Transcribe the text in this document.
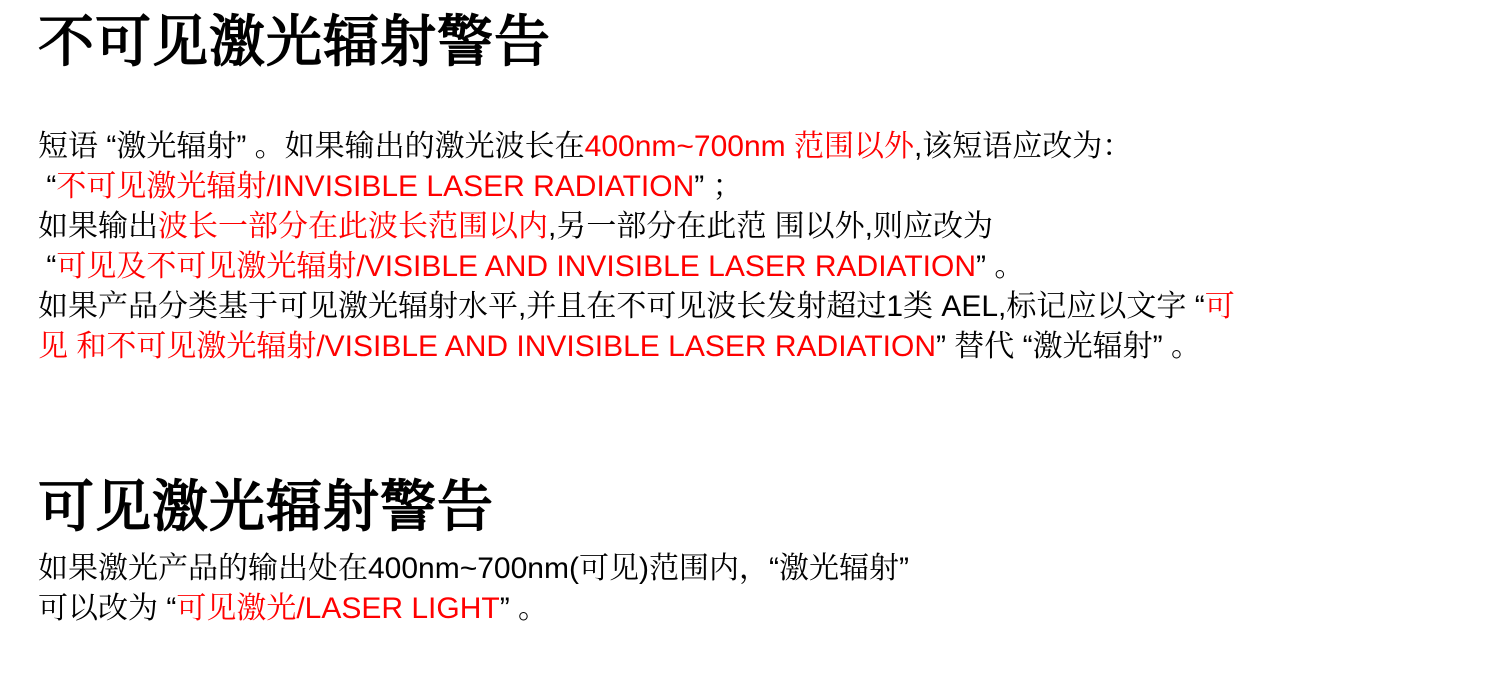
不可见激光辐射警告
短语 “激光辐射” 。如果输出的激光波长在400nm~700nm 范围以外,该短语应改为：
“不可见激光辐射/INVISIBLE LASER RADIATION” ；
如果输出波长一部分在此波长范围以内,另一部分在此范 围以外,则应改为
“可见及不可见激光辐射/VISIBLE AND INVISIBLE LASER RADIATION” 。
如果产品分类基于可见激光辐射水平,并且在不可见波长发射超过1类 AEL,标记应以文字 “可
见 和不可见激光辐射/VISIBLE AND INVISIBLE LASER RADIATION” 替代 “激光辐射” 。
可见激光辐射警告
如果激光产品的输出处在400nm~700nm(可见)范围内，“激光辐射”
可以改为 “可见激光/LASER LIGHT” 。
